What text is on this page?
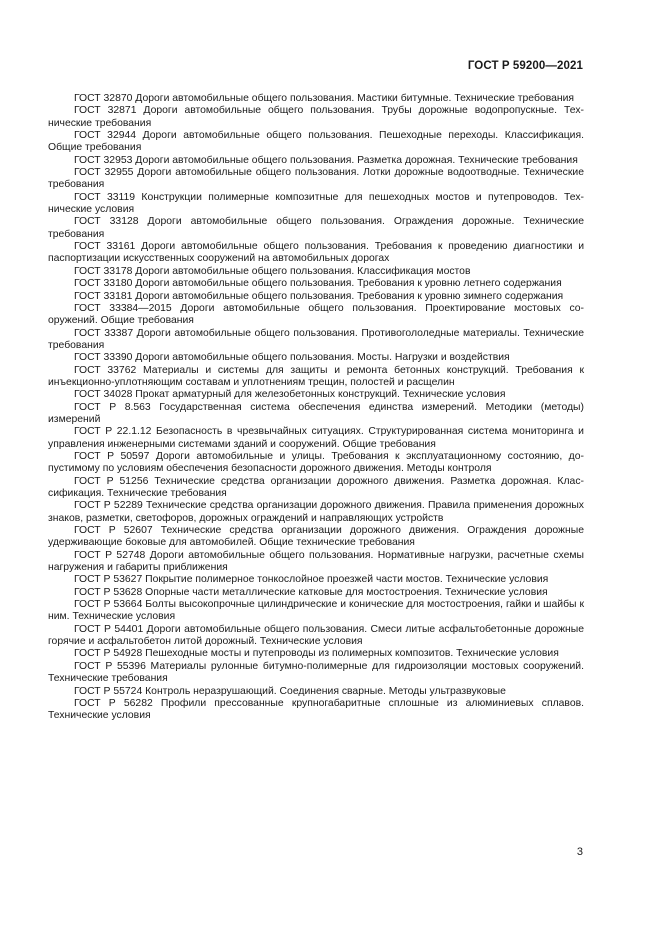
ГОСТ Р 59200—2021

ГОСТ 32870 Дороги автомобильные общего пользования. Мастики битумные. Технические требования

ГОСТ 32871 Дороги автомобильные общего пользования. Трубы дорожные водопропускные. Технические требования

ГОСТ 32944 Дороги автомобильные общего пользования. Пешеходные переходы. Классификация. Общие требования

ГОСТ 32953 Дороги автомобильные общего пользования. Разметка дорожная. Технические требования

ГОСТ 32955 Дороги автомобильные общего пользования. Лотки дорожные водоотводные. Технические требования

ГОСТ 33119 Конструкции полимерные композитные для пешеходных мостов и путепроводов. Технические условия

ГОСТ 33128 Дороги автомобильные общего пользования. Ограждения дорожные. Технические требования

ГОСТ 33161 Дороги автомобильные общего пользования. Требования к проведению диагностики и паспортизации искусственных сооружений на автомобильных дорогах

ГОСТ 33178 Дороги автомобильные общего пользования. Классификация мостов

ГОСТ 33180 Дороги автомобильные общего пользования. Требования к уровню летнего содержания

ГОСТ 33181 Дороги автомобильные общего пользования. Требования к уровню зимнего содержания

ГОСТ 33384—2015 Дороги автомобильные общего пользования. Проектирование мостовых сооружений. Общие требования

ГОСТ 33387 Дороги автомобильные общего пользования. Противогололедные материалы. Технические требования

ГОСТ 33390 Дороги автомобильные общего пользования. Мосты. Нагрузки и воздействия

ГОСТ 33762 Материалы и системы для защиты и ремонта бетонных конструкций. Требования к инъекционно-уплотняющим составам и уплотнениям трещин, полостей и расщелин

ГОСТ 34028 Прокат арматурный для железобетонных конструкций. Технические условия

ГОСТ Р 8.563 Государственная система обеспечения единства измерений. Методики (методы) измерений

ГОСТ Р 22.1.12 Безопасность в чрезвычайных ситуациях. Структурированная система мониторинга и управления инженерными системами зданий и сооружений. Общие требования

ГОСТ Р 50597 Дороги автомобильные и улицы. Требования к эксплуатационному состоянию, допустимому по условиям обеспечения безопасности дорожного движения. Методы контроля

ГОСТ Р 51256 Технические средства организации дорожного движения. Разметка дорожная. Классификация. Технические требования

ГОСТ Р 52289 Технические средства организации дорожного движения. Правила применения дорожных знаков, разметки, светофоров, дорожных ограждений и направляющих устройств

ГОСТ Р 52607 Технические средства организации дорожного движения. Ограждения дорожные удерживающие боковые для автомобилей. Общие технические требования

ГОСТ Р 52748 Дороги автомобильные общего пользования. Нормативные нагрузки, расчетные схемы нагружения и габариты приближения

ГОСТ Р 53627 Покрытие полимерное тонкослойное проезжей части мостов. Технические условия

ГОСТ Р 53628 Опорные части металлические катковые для мостостроения. Технические условия

ГОСТ Р 53664 Болты высокопрочные цилиндрические и конические для мостостроения, гайки и шайбы к ним. Технические условия

ГОСТ Р 54401 Дороги автомобильные общего пользования. Смеси литые асфальтобетонные дорожные горячие и асфальтобетон литой дорожный. Технические условия

ГОСТ Р 54928 Пешеходные мосты и путепроводы из полимерных композитов. Технические условия

ГОСТ Р 55396 Материалы рулонные битумно-полимерные для гидроизоляции мостовых сооружений. Технические требования

ГОСТ Р 55724 Контроль неразрушающий. Соединения сварные. Методы ультразвуковые

ГОСТ Р 56282 Профили прессованные крупногабаритные сплошные из алюминиевых сплавов. Технические условия

3
